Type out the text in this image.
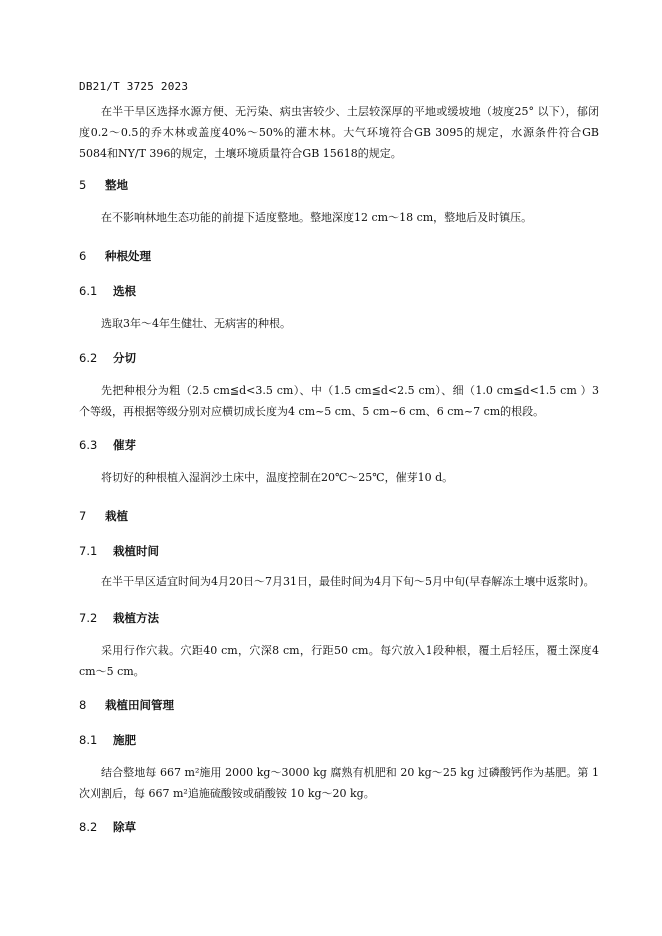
DB21/T 3725 2023
在半干旱区选择水源方便、无污染、病虫害较少、土层较深厚的平地或缓坡地（坡度25° 以下），郁闭度0.2～0.5的乔木林或盖度40%～50%的灌木林。大气环境符合GB 3095的规定，水源条件符合GB 5084和NY/T 396的规定，土壤环境质量符合GB 15618的规定。
5 整地
在不影响林地生态功能的前提下适度整地。整地深度12 cm～18 cm，整地后及时镇压。
6 种根处理
6.1 选根
选取3年～4年生健壮、无病害的种根。
6.2 分切
先把种根分为粗（2.5 cm≦d<3.5 cm）、中（1.5 cm≦d<2.5 cm）、细（1.0 cm≦d<1.5 cm ）3个等级，再根据等级分别对应横切成长度为4 cm~5 cm、5 cm~6 cm、6 cm~7 cm的根段。
6.3 催芽
将切好的种根植入湿润沙土床中，温度控制在20℃～25℃，催芽10 d。
7 栽植
7.1 栽植时间
在半干旱区适宜时间为4月20日～7月31日，最佳时间为4月下旬～5月中旬(早春解冻土壤中返浆时)。
7.2 栽植方法
采用行作穴栽。穴距40 cm，穴深8 cm，行距50 cm。每穴放入1段种根，覆土后轻压，覆土深度4 cm～5 cm。
8 栽植田间管理
8.1 施肥
结合整地每 667 m²施用 2000 kg～3000 kg 腐熟有机肥和 20 kg～25 kg 过磷酸钙作为基肥。第 1 次刈割后，每 667 m²追施硫酸铵或硝酸铵 10 kg～20 kg。
8.2 除草
